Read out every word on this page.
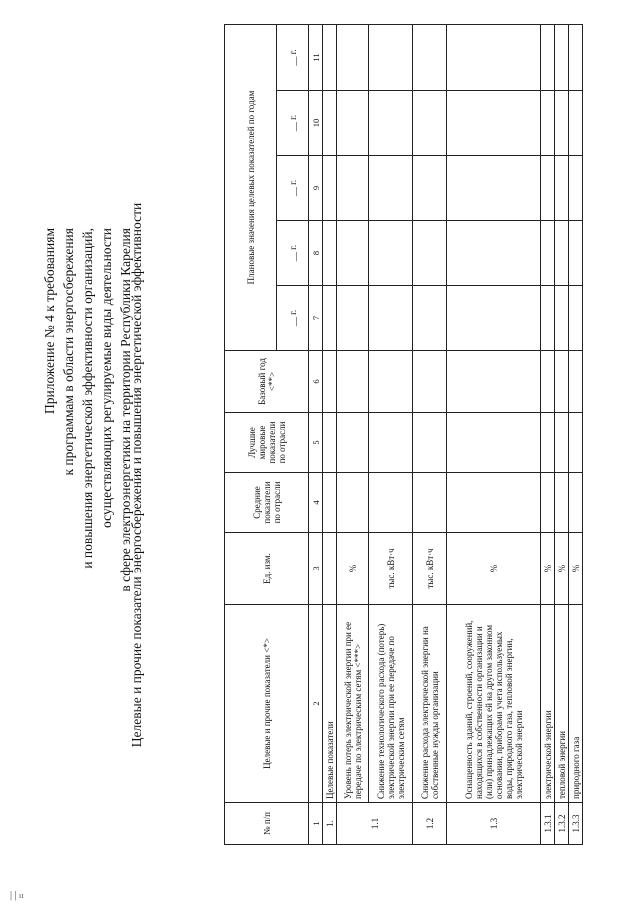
Приложение № 4 к требованиям к программам в области энергосбережения и повышения энергетической эффективности организаций, осуществляющих регулируемые виды деятельности в сфере электроэнергетики на территории Республики Карелия
Целевые и прочие показатели энергосбережения и повышения энергетической эффективности
№ п/п	Целевые и прочие показатели <*>	Ед. изм.	Средние показатели по отрасли	Лучшие мировые показатели по отрасли	Базовый год <**>	Плановые значения целевых показателей по годам				
						__ г.	__ г.	__ г.	__ г.	__ г.
1	2	3	4	5	6	7	8	9	10	11
1.	Целевые показатели									
1.1	Уровень потерь электрической энергии при ее передаче по электрическим сетям <***>	%								
	Снижение технологического расхода (потерь) электрической энергии при ее передаче по электрическим сетям	тыс. кВт·ч								
1.2	Снижение расхода электрической энергии на собственные нужды организации	тыс. кВт·ч								
1.3	Оснащенность зданий, строений, сооружений, находящихся в собственности организации и (или) принадлежащих ей на другом законном основании, приборами учета используемых воды, природного газа, тепловой энергии, электрической энергии	%								
1.3.1	электрической энергии	%								
1.3.2	тепловой энергии	%								
1.3.3	природного газа	%								
| | ₗₗ
